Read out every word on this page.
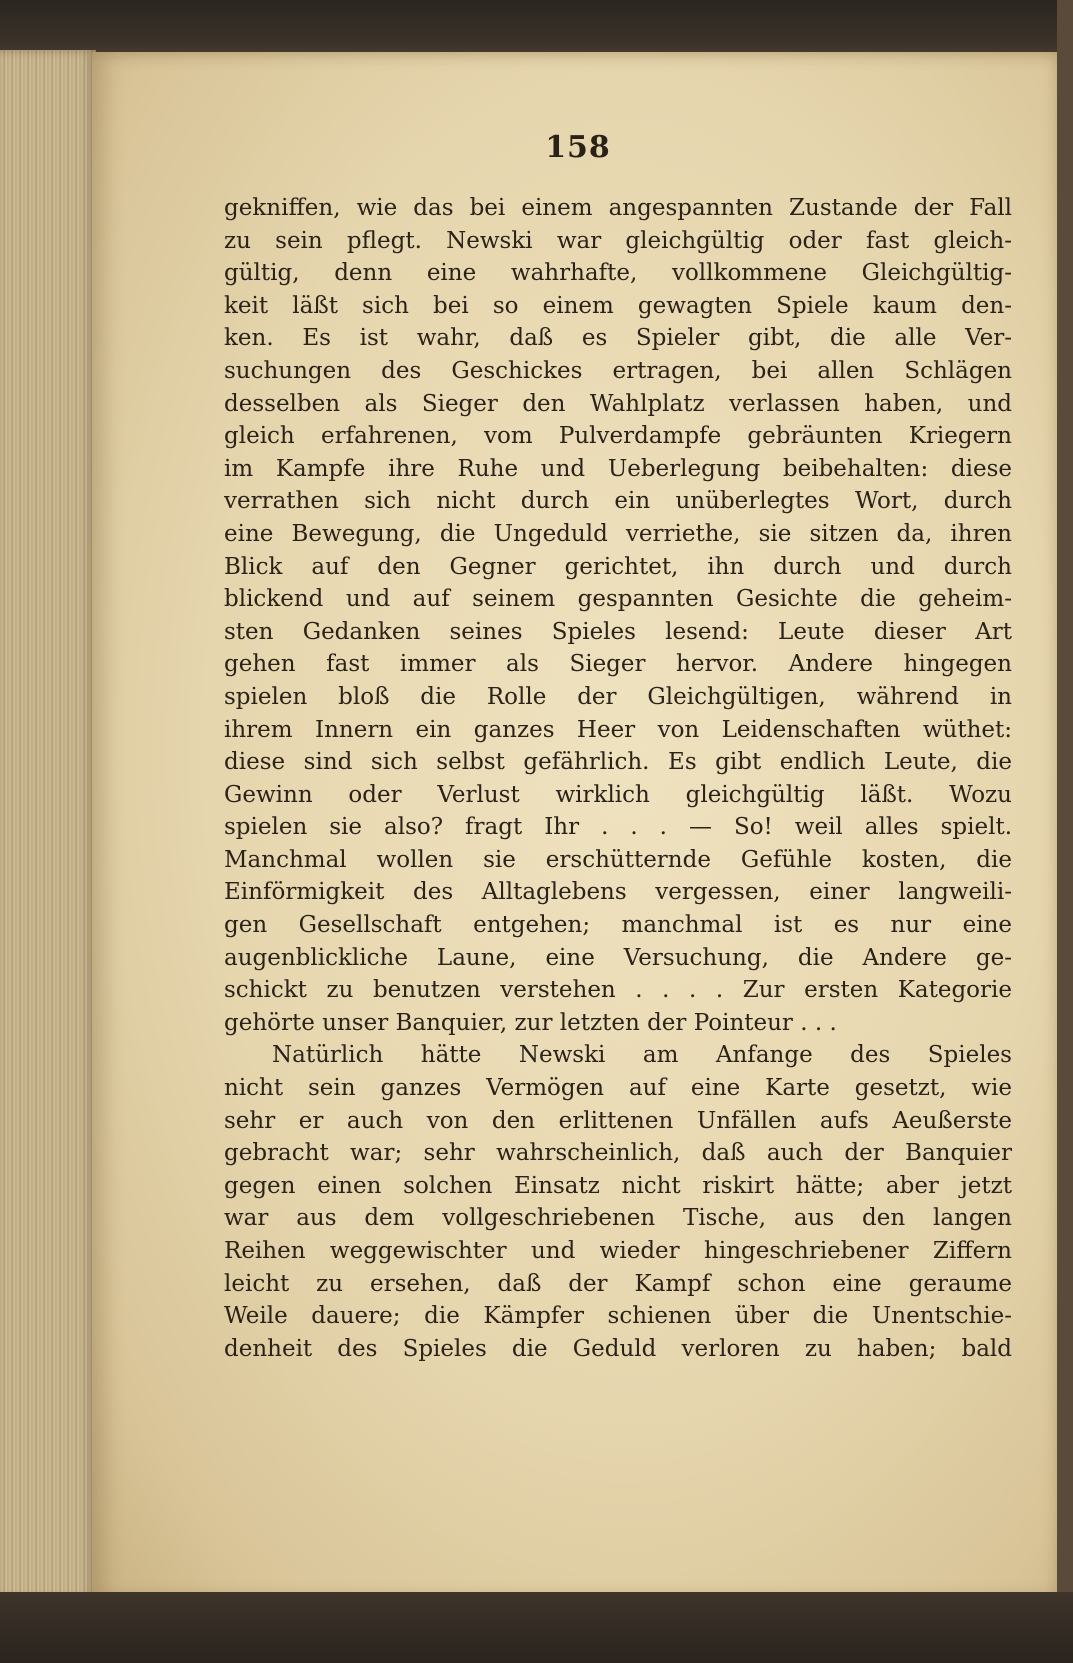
158
gekniffen, wie das bei einem angespannten Zustande der Fall
zu sein pflegt. Newski war gleichgültig oder fast gleich-
gültig, denn eine wahrhafte, vollkommene Gleichgültig-
keit läßt sich bei so einem gewagten Spiele kaum den-
ken. Es ist wahr, daß es Spieler gibt, die alle Ver-
suchungen des Geschickes ertragen, bei allen Schlägen
desselben als Sieger den Wahlplatz verlassen haben, und
gleich erfahrenen, vom Pulverdampfe gebräunten Kriegern
im Kampfe ihre Ruhe und Ueberlegung beibehalten: diese
verrathen sich nicht durch ein unüberlegtes Wort, durch
eine Bewegung, die Ungeduld verriethe, sie sitzen da, ihren
Blick auf den Gegner gerichtet, ihn durch und durch
blickend und auf seinem gespannten Gesichte die geheim-
sten Gedanken seines Spieles lesend: Leute dieser Art
gehen fast immer als Sieger hervor. Andere hingegen
spielen bloß die Rolle der Gleichgültigen, während in
ihrem Innern ein ganzes Heer von Leidenschaften wüthet:
diese sind sich selbst gefährlich. Es gibt endlich Leute, die
Gewinn oder Verlust wirklich gleichgültig läßt. Wozu
spielen sie also? fragt Ihr . . . — So! weil alles spielt.
Manchmal wollen sie erschütternde Gefühle kosten, die
Einförmigkeit des Alltaglebens vergessen, einer langweili-
gen Gesellschaft entgehen; manchmal ist es nur eine
augenblickliche Laune, eine Versuchung, die Andere ge-
schickt zu benutzen verstehen . . . . Zur ersten Kategorie
gehörte unser Banquier, zur letzten der Pointeur . . .
Natürlich hätte Newski am Anfange des Spieles
nicht sein ganzes Vermögen auf eine Karte gesetzt, wie
sehr er auch von den erlittenen Unfällen aufs Aeußerste
gebracht war; sehr wahrscheinlich, daß auch der Banquier
gegen einen solchen Einsatz nicht riskirt hätte; aber jetzt
war aus dem vollgeschriebenen Tische, aus den langen
Reihen weggewischter und wieder hingeschriebener Ziffern
leicht zu ersehen, daß der Kampf schon eine geraume
Weile dauere; die Kämpfer schienen über die Unentschie-
denheit des Spieles die Geduld verloren zu haben; bald
